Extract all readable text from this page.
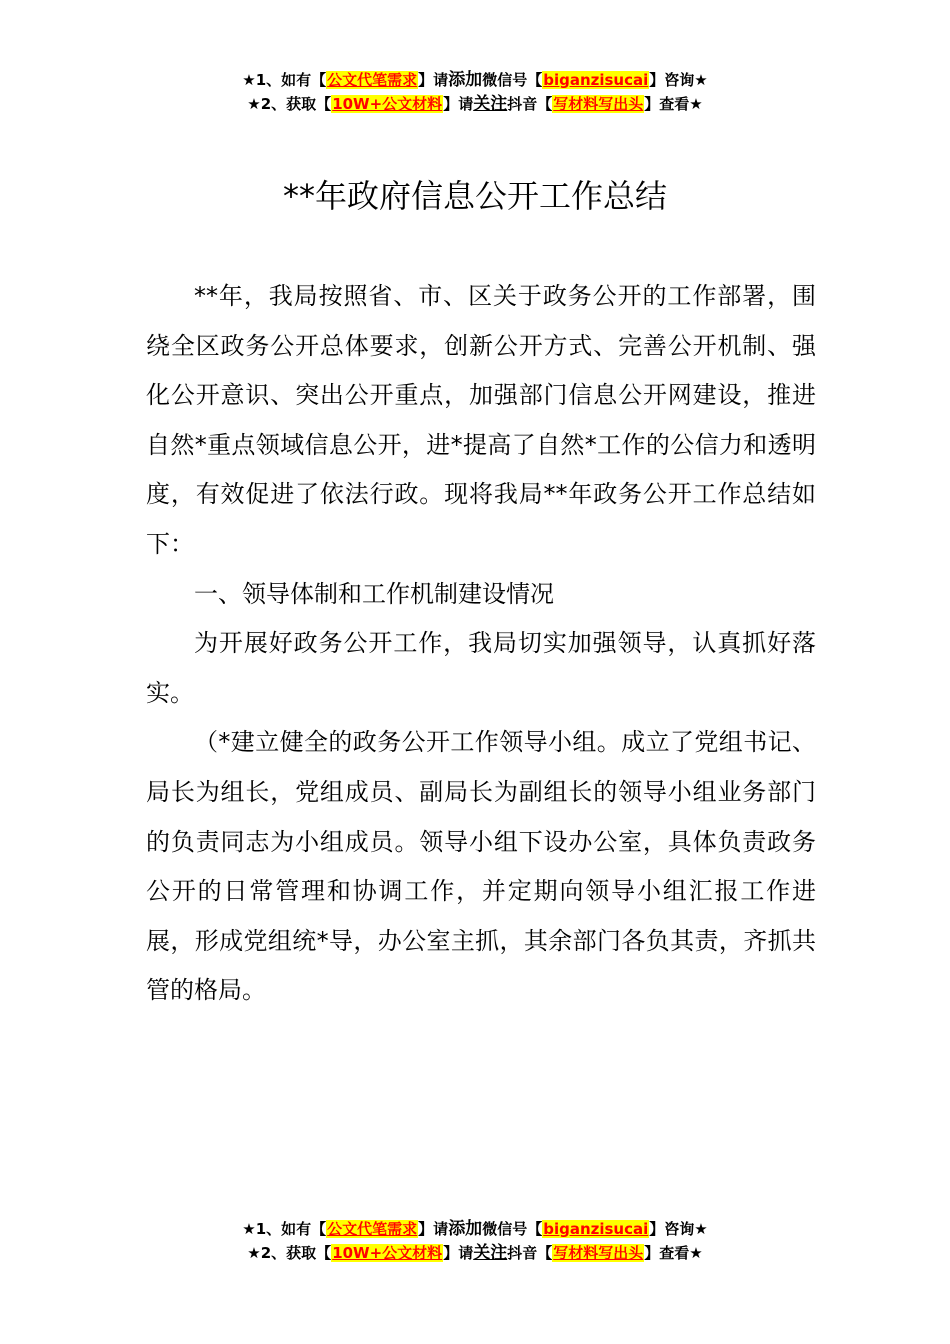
★1、如有【公文代笔需求】请添加微信号【biganzisucai】咨询★
★2、获取【10W+公文材料】请关注抖音【写材料写出头】查看★
**年政府信息公开工作总结

**年，我局按照省、市、区关于政务公开的工作部署，围绕全区政务公开总体要求，创新公开方式、完善公开机制、强化公开意识、突出公开重点，加强部门信息公开网建设，推进自然*重点领域信息公开，进*提高了自然*工作的公信力和透明度，有效促进了依法行政。现将我局**年政务公开工作总结如下：

一、领导体制和工作机制建设情况

为开展好政务公开工作，我局切实加强领导，认真抓好落实。

（*建立健全的政务公开工作领导小组。成立了党组书记、局长为组长，党组成员、副局长为副组长的领导小组业务部门的负责同志为小组成员。领导小组下设办公室，具体负责政务公开的日常管理和协调工作，并定期向领导小组汇报工作进展，形成党组统*导，办公室主抓，其余部门各负其责，齐抓共管的格局。

★1、如有【公文代笔需求】请添加微信号【biganzisucai】咨询★
★2、获取【10W+公文材料】请关注抖音【写材料写出头】查看★
